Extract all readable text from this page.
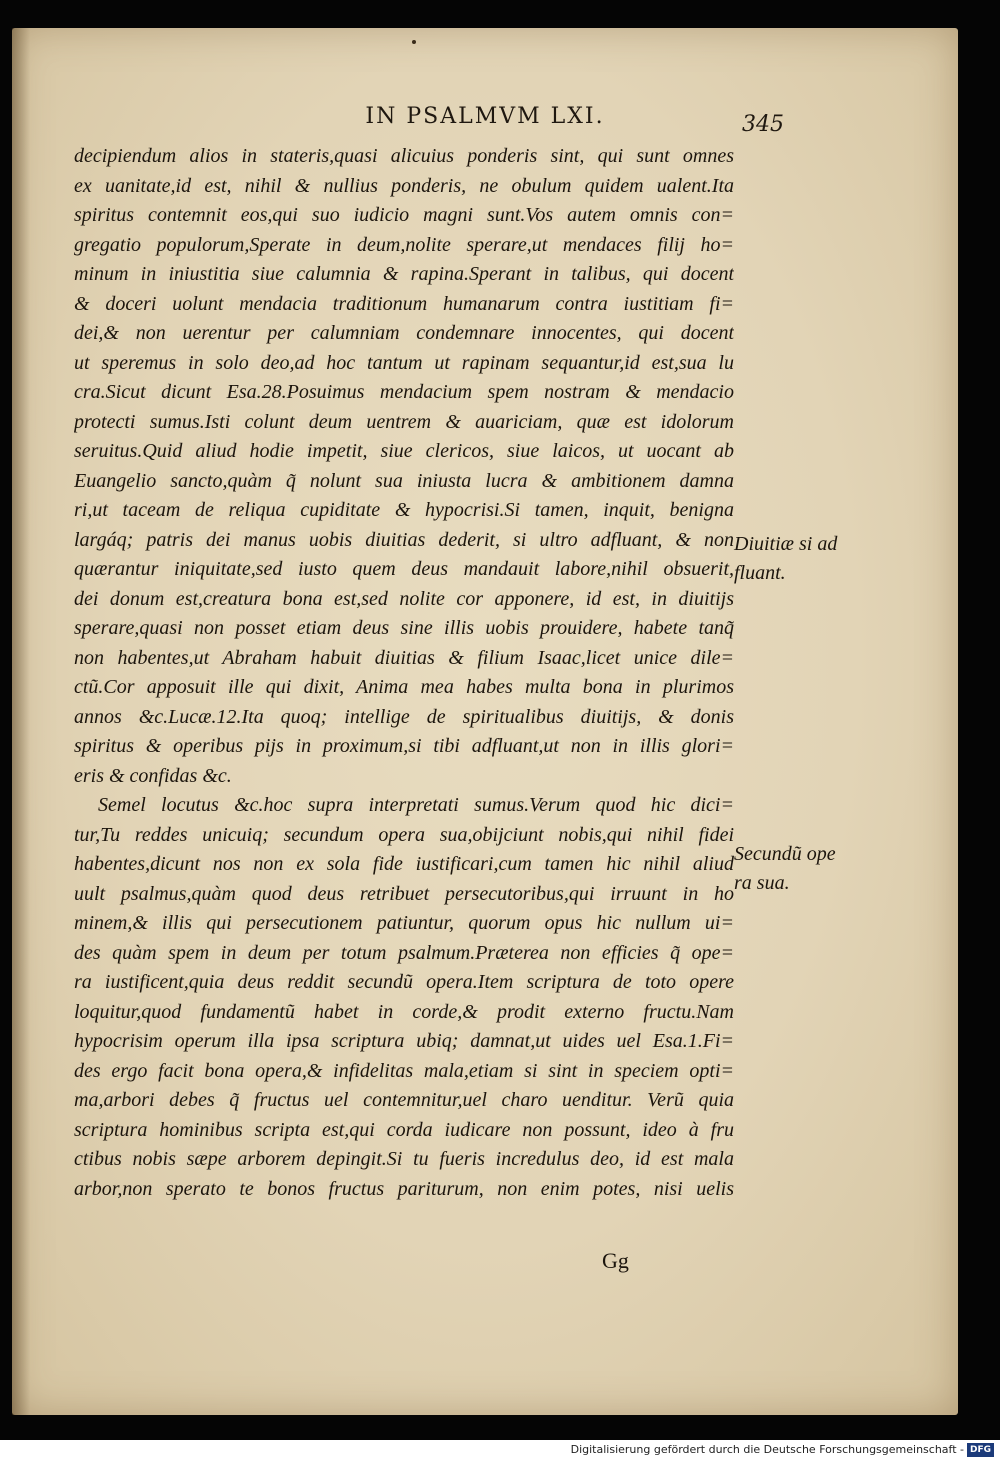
IN PSALMVM LXI.	345
decipiendum alios in stateris,quasi alicuius ponderis sint, qui sunt omnes
ex uanitate,id est, nihil & nullius ponderis, ne obulum quidem ualent.Ita
spiritus contemnit eos,qui suo iudicio magni sunt.Vos autem omnis con=
gregatio populorum,Sperate in deum,nolite sperare,ut mendaces filij ho=
minum in iniustitia siue calumnia & rapina.Sperant in talibus, qui docent
& doceri uolunt mendacia traditionum humanarum contra iustitiam fi=
dei,& non uerentur per calumniam condemnare innocentes, qui docent
ut speremus in solo deo,ad hoc tantum ut rapinam sequantur,id est,sua lu
cra.Sicut dicunt Esa.28.Posuimus mendacium spem nostram & mendacio
protecti sumus.Isti colunt deum uentrem & auariciam, quæ est idolorum
seruitus.Quid aliud hodie impetit, siue clericos, siue laicos, ut uocant ab
Euangelio sancto,quàm q̃ nolunt sua iniusta lucra & ambitionem damna
ri,ut taceam de reliqua cupiditate & hypocrisi.Si tamen, inquit, benigna
largáq; patris dei manus uobis diuitias dederit, si ultro adfluant, & non
quærantur iniquitate,sed iusto quem deus mandauit labore,nihil obsuerit,
dei donum est,creatura bona est,sed nolite cor apponere, id est, in diuitijs
sperare,quasi non posset etiam deus sine illis uobis prouidere, habete tanq̃
non habentes,ut Abraham habuit diuitias & filium Isaac,licet unice dile=
ctũ.Cor apposuit ille qui dixit, Anima mea habes multa bona in plurimos
annos &c.Lucæ.12.Ita quoq; intellige de spiritualibus diuitijs, & donis
spiritus & operibus pijs in proximum,si tibi adfluant,ut non in illis glori=
eris & confidas &c.
Semel locutus &c.hoc supra interpretati sumus.Verum quod hic dici=
tur,Tu reddes unicuiq; secundum opera sua,obijciunt nobis,qui nihil fidei
habentes,dicunt nos non ex sola fide iustificari,cum tamen hic nihil aliud
uult psalmus,quàm quod deus retribuet persecutoribus,qui irruunt in ho
minem,& illis qui persecutionem patiuntur, quorum opus hic nullum ui=
des quàm spem in deum per totum psalmum.Præterea non efficies q̃ ope=
ra iustificent,quia deus reddit secundũ opera.Item scriptura de toto opere
loquitur,quod fundamentũ habet in corde,& prodit externo fructu.Nam
hypocrisim operum illa ipsa scriptura ubiq; damnat,ut uides uel Esa.1.Fi=
des ergo facit bona opera,& infidelitas mala,etiam si sint in speciem opti=
ma,arbori debes q̃ fructus uel contemnitur,uel charo uenditur. Verũ quia
scriptura hominibus scripta est,qui corda iudicare non possunt, ideo à fru
ctibus nobis sæpe arborem depingit.Si tu fueris incredulus deo, id est mala
arbor,non sperato te bonos fructus pariturum, non enim potes, nisi uelis
Diuitiæ si ad
fluant.
Secundũ ope
ra sua.
Gg
Digitalisierung gefördert durch die Deutsche Forschungsgemeinschaft - DFG
